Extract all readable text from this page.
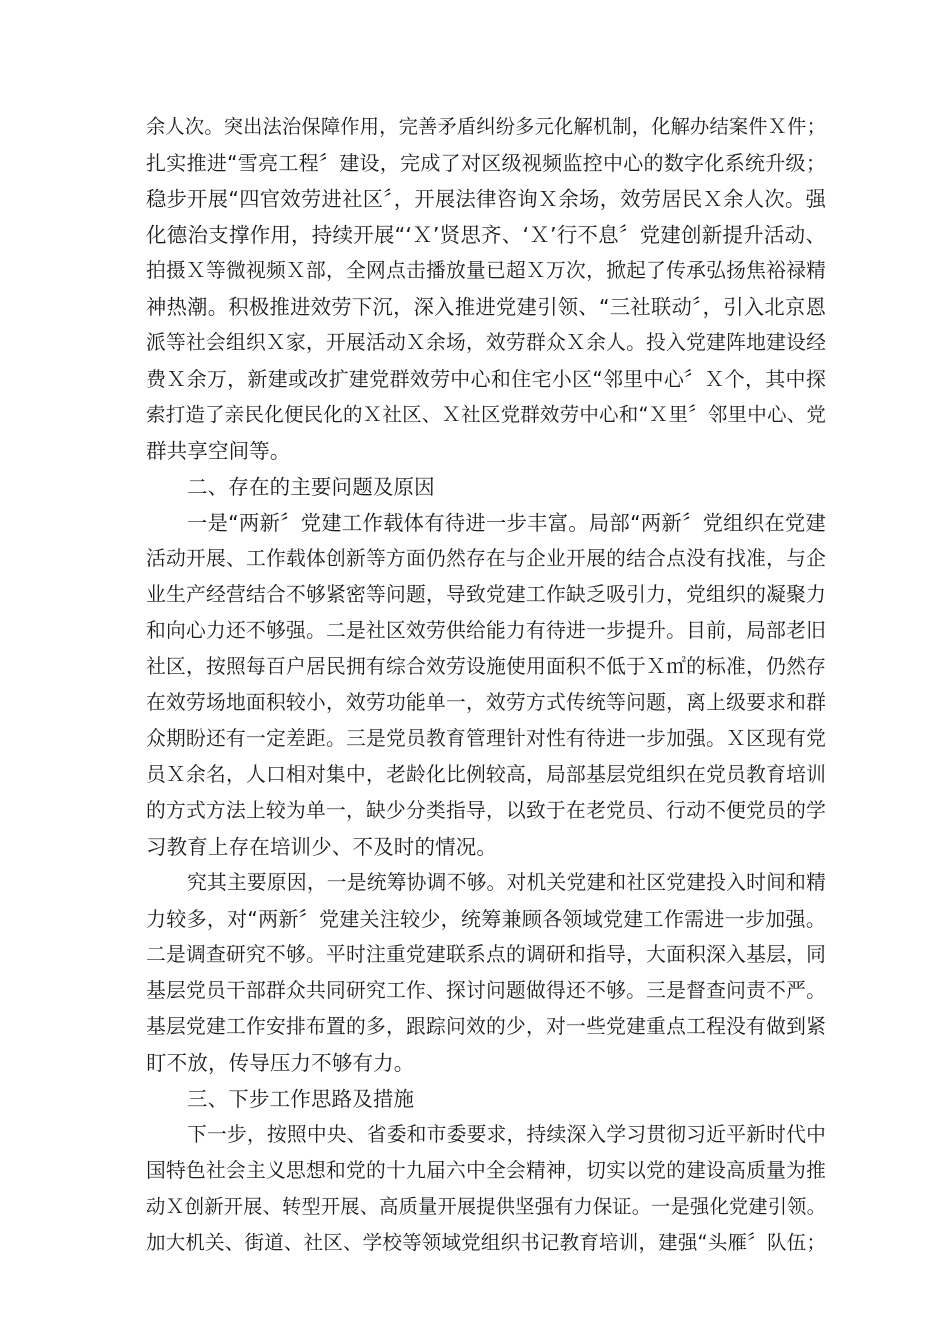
余人次。突出法治保障作用，完善矛盾纠纷多元化解机制，化解办结案件Ｘ件；
扎实推进“雪亮工程〞建设，完成了对区级视频监控中心的数字化系统升级；
稳步开展“四官效劳进社区〞，开展法律咨询Ｘ余场，效劳居民Ｘ余人次。强
化德治支撑作用，持续开展“‘Ｘ’贤思齐、‘Ｘ’行不息〞党建创新提升活动、
拍摄Ｘ等微视频Ｘ部，全网点击播放量已超Ｘ万次，掀起了传承弘扬焦裕禄精
神热潮。积极推进效劳下沉，深入推进党建引领、“三社联动〞，引入北京恩
派等社会组织Ｘ家，开展活动Ｘ余场，效劳群众Ｘ余人。投入党建阵地建设经
费Ｘ余万，新建或改扩建党群效劳中心和住宅小区“邻里中心〞Ｘ个，其中探
索打造了亲民化便民化的Ｘ社区、Ｘ社区党群效劳中心和“Ｘ里〞邻里中心、党
群共享空间等。
二、存在的主要问题及原因
一是“两新〞党建工作载体有待进一步丰富。局部“两新〞党组织在党建
活动开展、工作载体创新等方面仍然存在与企业开展的结合点没有找准，与企
业生产经营结合不够紧密等问题，导致党建工作缺乏吸引力，党组织的凝聚力
和向心力还不够强。二是社区效劳供给能力有待进一步提升。目前，局部老旧
社区，按照每百户居民拥有综合效劳设施使用面积不低于Ｘ㎡的标准，仍然存
在效劳场地面积较小，效劳功能单一，效劳方式传统等问题，离上级要求和群
众期盼还有一定差距。三是党员教育管理针对性有待进一步加强。Ｘ区现有党
员Ｘ余名，人口相对集中，老龄化比例较高，局部基层党组织在党员教育培训
的方式方法上较为单一，缺少分类指导，以致于在老党员、行动不便党员的学
习教育上存在培训少、不及时的情况。
究其主要原因，一是统筹协调不够。对机关党建和社区党建投入时间和精
力较多，对“两新〞党建关注较少，统筹兼顾各领域党建工作需进一步加强。
二是调查研究不够。平时注重党建联系点的调研和指导，大面积深入基层，同
基层党员干部群众共同研究工作、探讨问题做得还不够。三是督查问责不严。
基层党建工作安排布置的多，跟踪问效的少，对一些党建重点工程没有做到紧
盯不放，传导压力不够有力。
三、下步工作思路及措施
下一步，按照中央、省委和市委要求，持续深入学习贯彻习近平新时代中
国特色社会主义思想和党的十九届六中全会精神，切实以党的建设高质量为推
动Ｘ创新开展、转型开展、高质量开展提供坚强有力保证。一是强化党建引领。
加大机关、街道、社区、学校等领域党组织书记教育培训，建强“头雁〞队伍；
